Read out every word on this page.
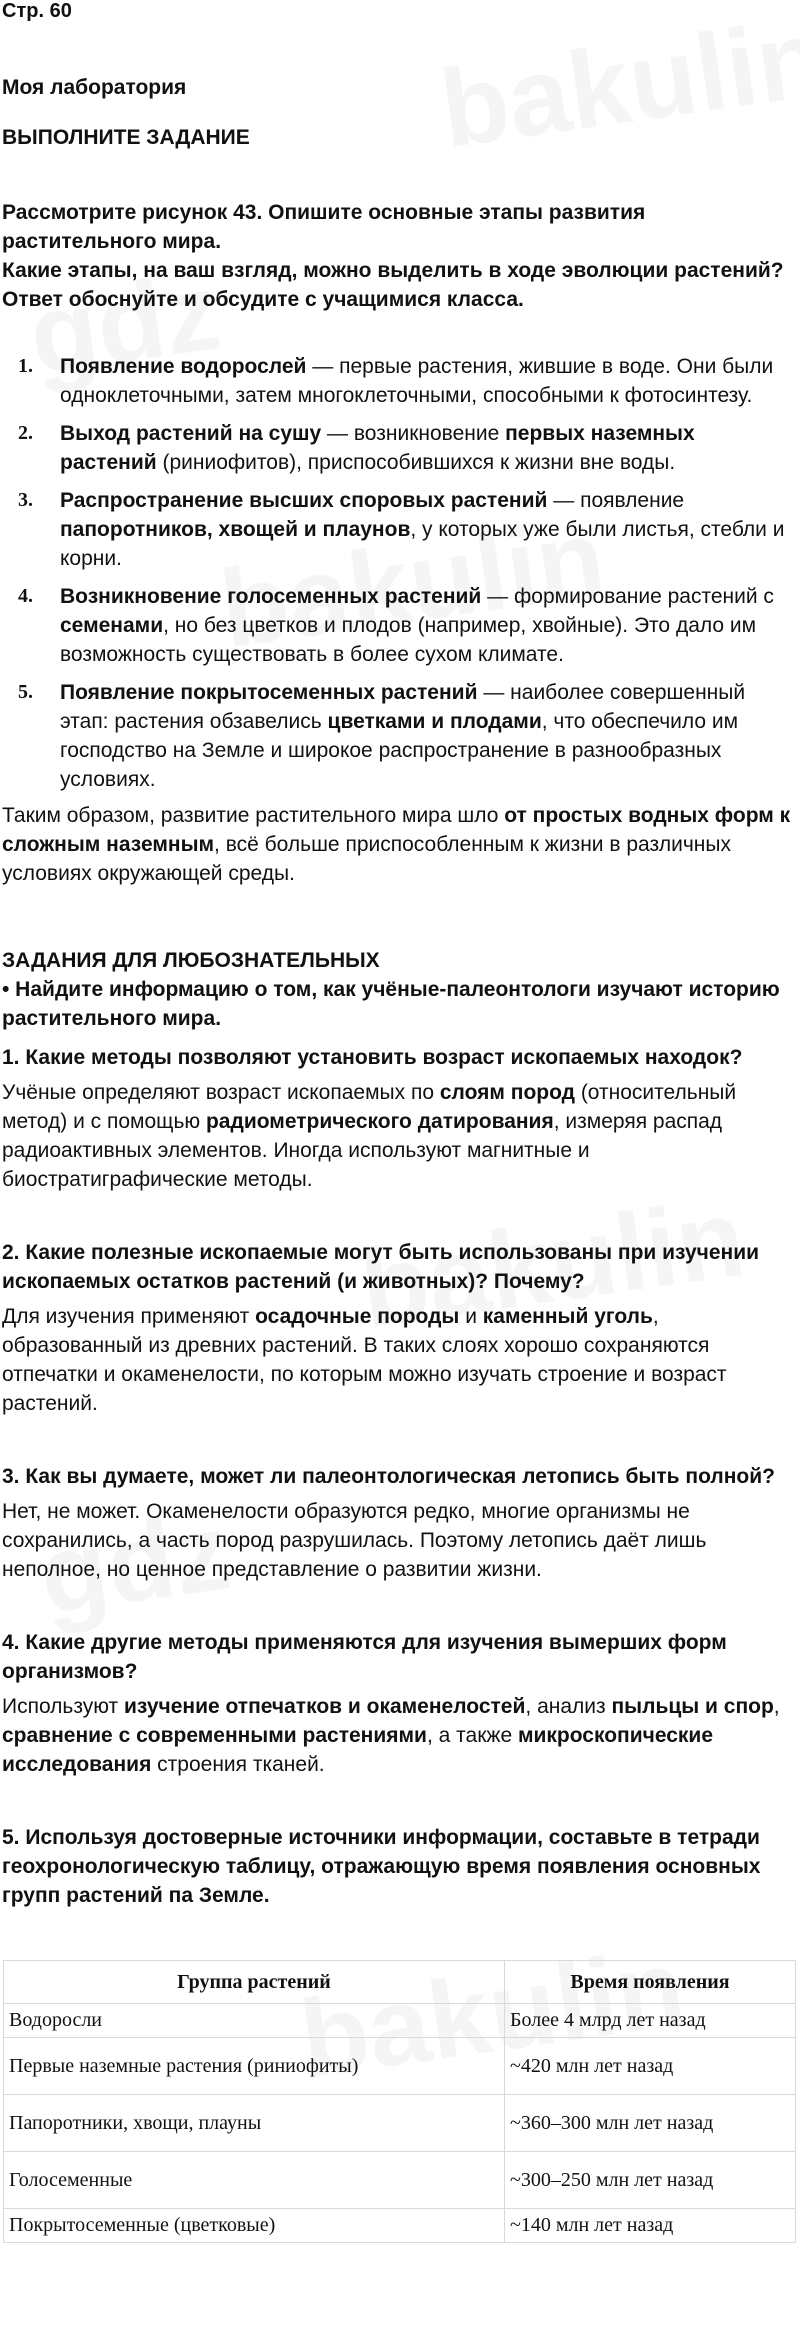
Стр. 60
Моя лаборатория
ВЫПОЛНИТЕ ЗАДАНИЕ

Рассмотрите рисунок 43. Опишите основные этапы развития растительного мира.

Какие этапы, на ваш взгляд, можно выделить в ходе эволюции растений? Ответ обоснуйте и обсудите с учащимися класса.

1. Появление водорослей — первые растения, жившие в воде. Они были одноклеточными, затем многоклеточными, способными к фотосинтезу.
2. Выход растений на сушу — возникновение первых наземных растений (риниофитов), приспособившихся к жизни вне воды.
3. Распространение высших споровых растений — появление папоротников, хвощей и плаунов, у которых уже были листья, стебли и корни.
4. Возникновение голосеменных растений — формирование растений с семенами, но без цветков и плодов (например, хвойные). Это дало им возможность существовать в более сухом климате.
5. Появление покрытосеменных растений — наиболее совершенный этап: растения обзавелись цветками и плодами, что обеспечило им господство на Земле и широкое распространение в разнообразных условиях.

Таким образом, развитие растительного мира шло от простых водных форм к сложным наземным, всё больше приспособленным к жизни в различных условиях окружающей среды.

ЗАДАНИЯ ДЛЯ ЛЮБОЗНАТЕЛЬНЫХ

• Найдите информацию о том, как учёные-палеонтологи изучают историю растительного мира.

1. Какие методы позволяют установить возраст ископаемых находок?

Учёные определяют возраст ископаемых по слоям пород (относительный метод) и с помощью радиометрического датирования, измеряя распад радиоактивных элементов. Иногда используют магнитные и биостратиграфические методы.

2. Какие полезные ископаемые могут быть использованы при изучении ископаемых остатков растений (и животных)? Почему?

Для изучения применяют осадочные породы и каменный уголь, образованный из древних растений. В таких слоях хорошо сохраняются отпечатки и окаменелости, по которым можно изучать строение и возраст растений.

3. Как вы думаете, может ли палеонтологическая летопись быть полной?

Нет, не может. Окаменелости образуются редко, многие организмы не сохранились, а часть пород разрушилась. Поэтому летопись даёт лишь неполное, но ценное представление о развитии жизни.

4. Какие другие методы применяются для изучения вымерших форм организмов?

Используют изучение отпечатков и окаменелостей, анализ пыльцы и спор, сравнение с современными растениями, а также микроскопические исследования строения тканей.

5. Используя достоверные источники информации, составьте в тетради геохронологическую таблицу, отражающую время появления основных групп растений па Земле.

Группа растений	Время появления
Водоросли	Более 4 млрд лет назад
Первые наземные растения (риниофиты)	~420 млн лет назад
Папоротники, хвощи, плауны	~360–300 млн лет назад
Голосеменные	~300–250 млн лет назад
Покрытосеменные (цветковые)	~140 млн лет назад
